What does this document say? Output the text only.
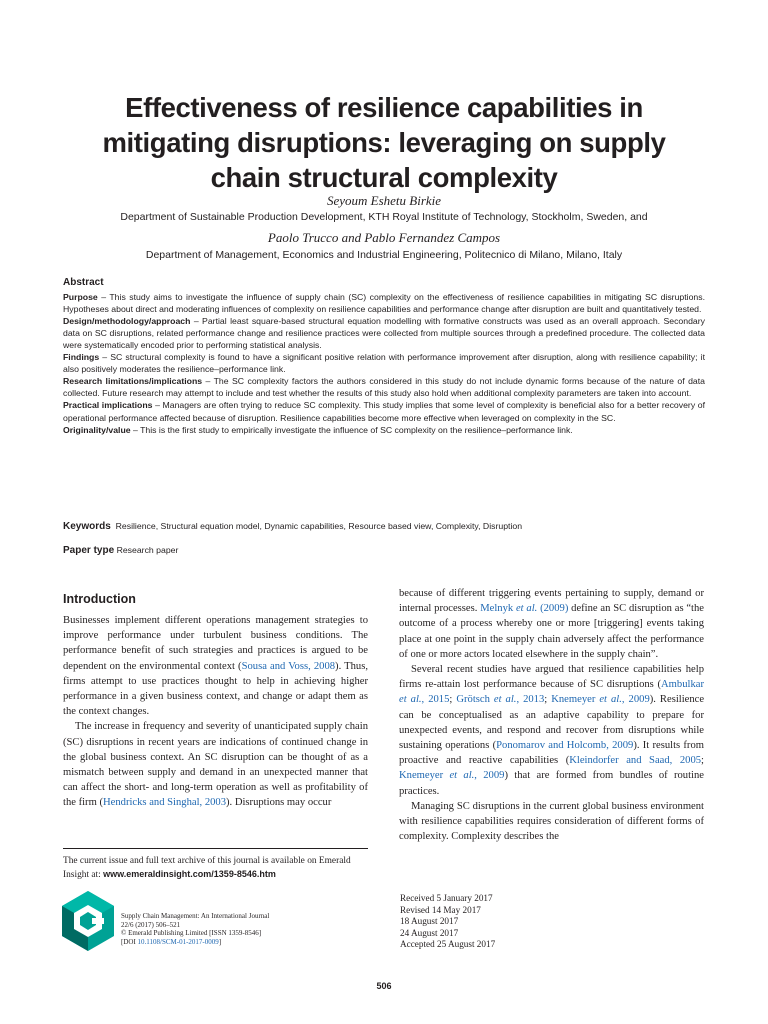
Effectiveness of resilience capabilities in
mitigating disruptions: leveraging on supply
chain structural complexity
Seyoum Eshetu Birkie
Department of Sustainable Production Development, KTH Royal Institute of Technology, Stockholm, Sweden, and
Paolo Trucco and Pablo Fernandez Campos
Department of Management, Economics and Industrial Engineering, Politecnico di Milano, Milano, Italy

Abstract

Purpose – This study aims to investigate the influence of supply chain (SC) complexity on the effectiveness of resilience capabilities in mitigating SC disruptions. Hypotheses about direct and moderating influences of complexity on resilience capabilities and performance change after disruption are built and quantitatively tested.

Design/methodology/approach – Partial least square-based structural equation modelling with formative constructs was used as an overall approach. Secondary data on SC disruptions, related performance change and resilience practices were collected from multiple sources through a predefined procedure. The collected data were systematically encoded prior to performing statistical analysis.

Findings – SC structural complexity is found to have a significant positive relation with performance improvement after disruption, along with resilience capability; it also positively moderates the resilience–performance link.

Research limitations/implications – The SC complexity factors the authors considered in this study do not include dynamic forms because of the nature of data collected. Future research may attempt to include and test whether the results of this study also hold when additional complexity parameters are taken into account.

Practical implications – Managers are often trying to reduce SC complexity. This study implies that some level of complexity is beneficial also for a better recovery of operational performance affected because of disruption. Resilience capabilities become more effective when leveraged on complexity in the SC.

Originality/value – This is the first study to empirically investigate the influence of SC complexity on the resilience–performance link.

Keywords Resilience, Structural equation model, Dynamic capabilities, Resource based view, Complexity, Disruption
Paper type Research paper
Introduction

Businesses implement different operations management strategies to improve performance under turbulent business conditions. The performance benefit of such strategies and practices is argued to be dependent on the environmental context (Sousa and Voss, 2008). Thus, firms attempt to use practices thought to help in achieving higher performance in a given business context, and change or adapt them as the context changes.

The increase in frequency and severity of unanticipated supply chain (SC) disruptions in recent years are indications of continued change in the global business context. An SC disruption can be thought of as a mismatch between supply and demand in an unexpected manner that can affect the short- and long-term operation as well as profitability of the firm (Hendricks and Singhal, 2003). Disruptions may occur

because of different triggering events pertaining to supply, demand or internal processes. Melnyk et al. (2009) define an SC disruption as “the outcome of a process whereby one or more [triggering] events taking place at one point in the supply chain adversely affect the performance of one or more actors located elsewhere in the supply chain”.

Several recent studies have argued that resilience capabilities help firms re-attain lost performance because of SC disruptions (Ambulkar et al., 2015; Grötsch et al., 2013; Knemeyer et al., 2009). Resilience can be conceptualised as an adaptive capability to prepare for unexpected events, and respond and recover from disruptions while sustaining operations (Ponomarov and Holcomb, 2009). It results from proactive and reactive capabilities (Kleindorfer and Saad, 2005; Knemeyer et al., 2009) that are formed from bundles of routine practices.

Managing SC disruptions in the current global business environment with resilience capabilities requires consideration of different forms of complexity. Complexity describes the

The current issue and full text archive of this journal is available on Emerald Insight at: www.emeraldinsight.com/1359-8546.htm
Supply Chain Management: An International Journal
22/6 (2017) 506–521
© Emerald Publishing Limited [ISSN 1359-8546]
[DOI 10.1108/SCM-01-2017-0009]
Received 5 January 2017
Revised 14 May 2017
18 August 2017
24 August 2017
Accepted 25 August 2017
506
